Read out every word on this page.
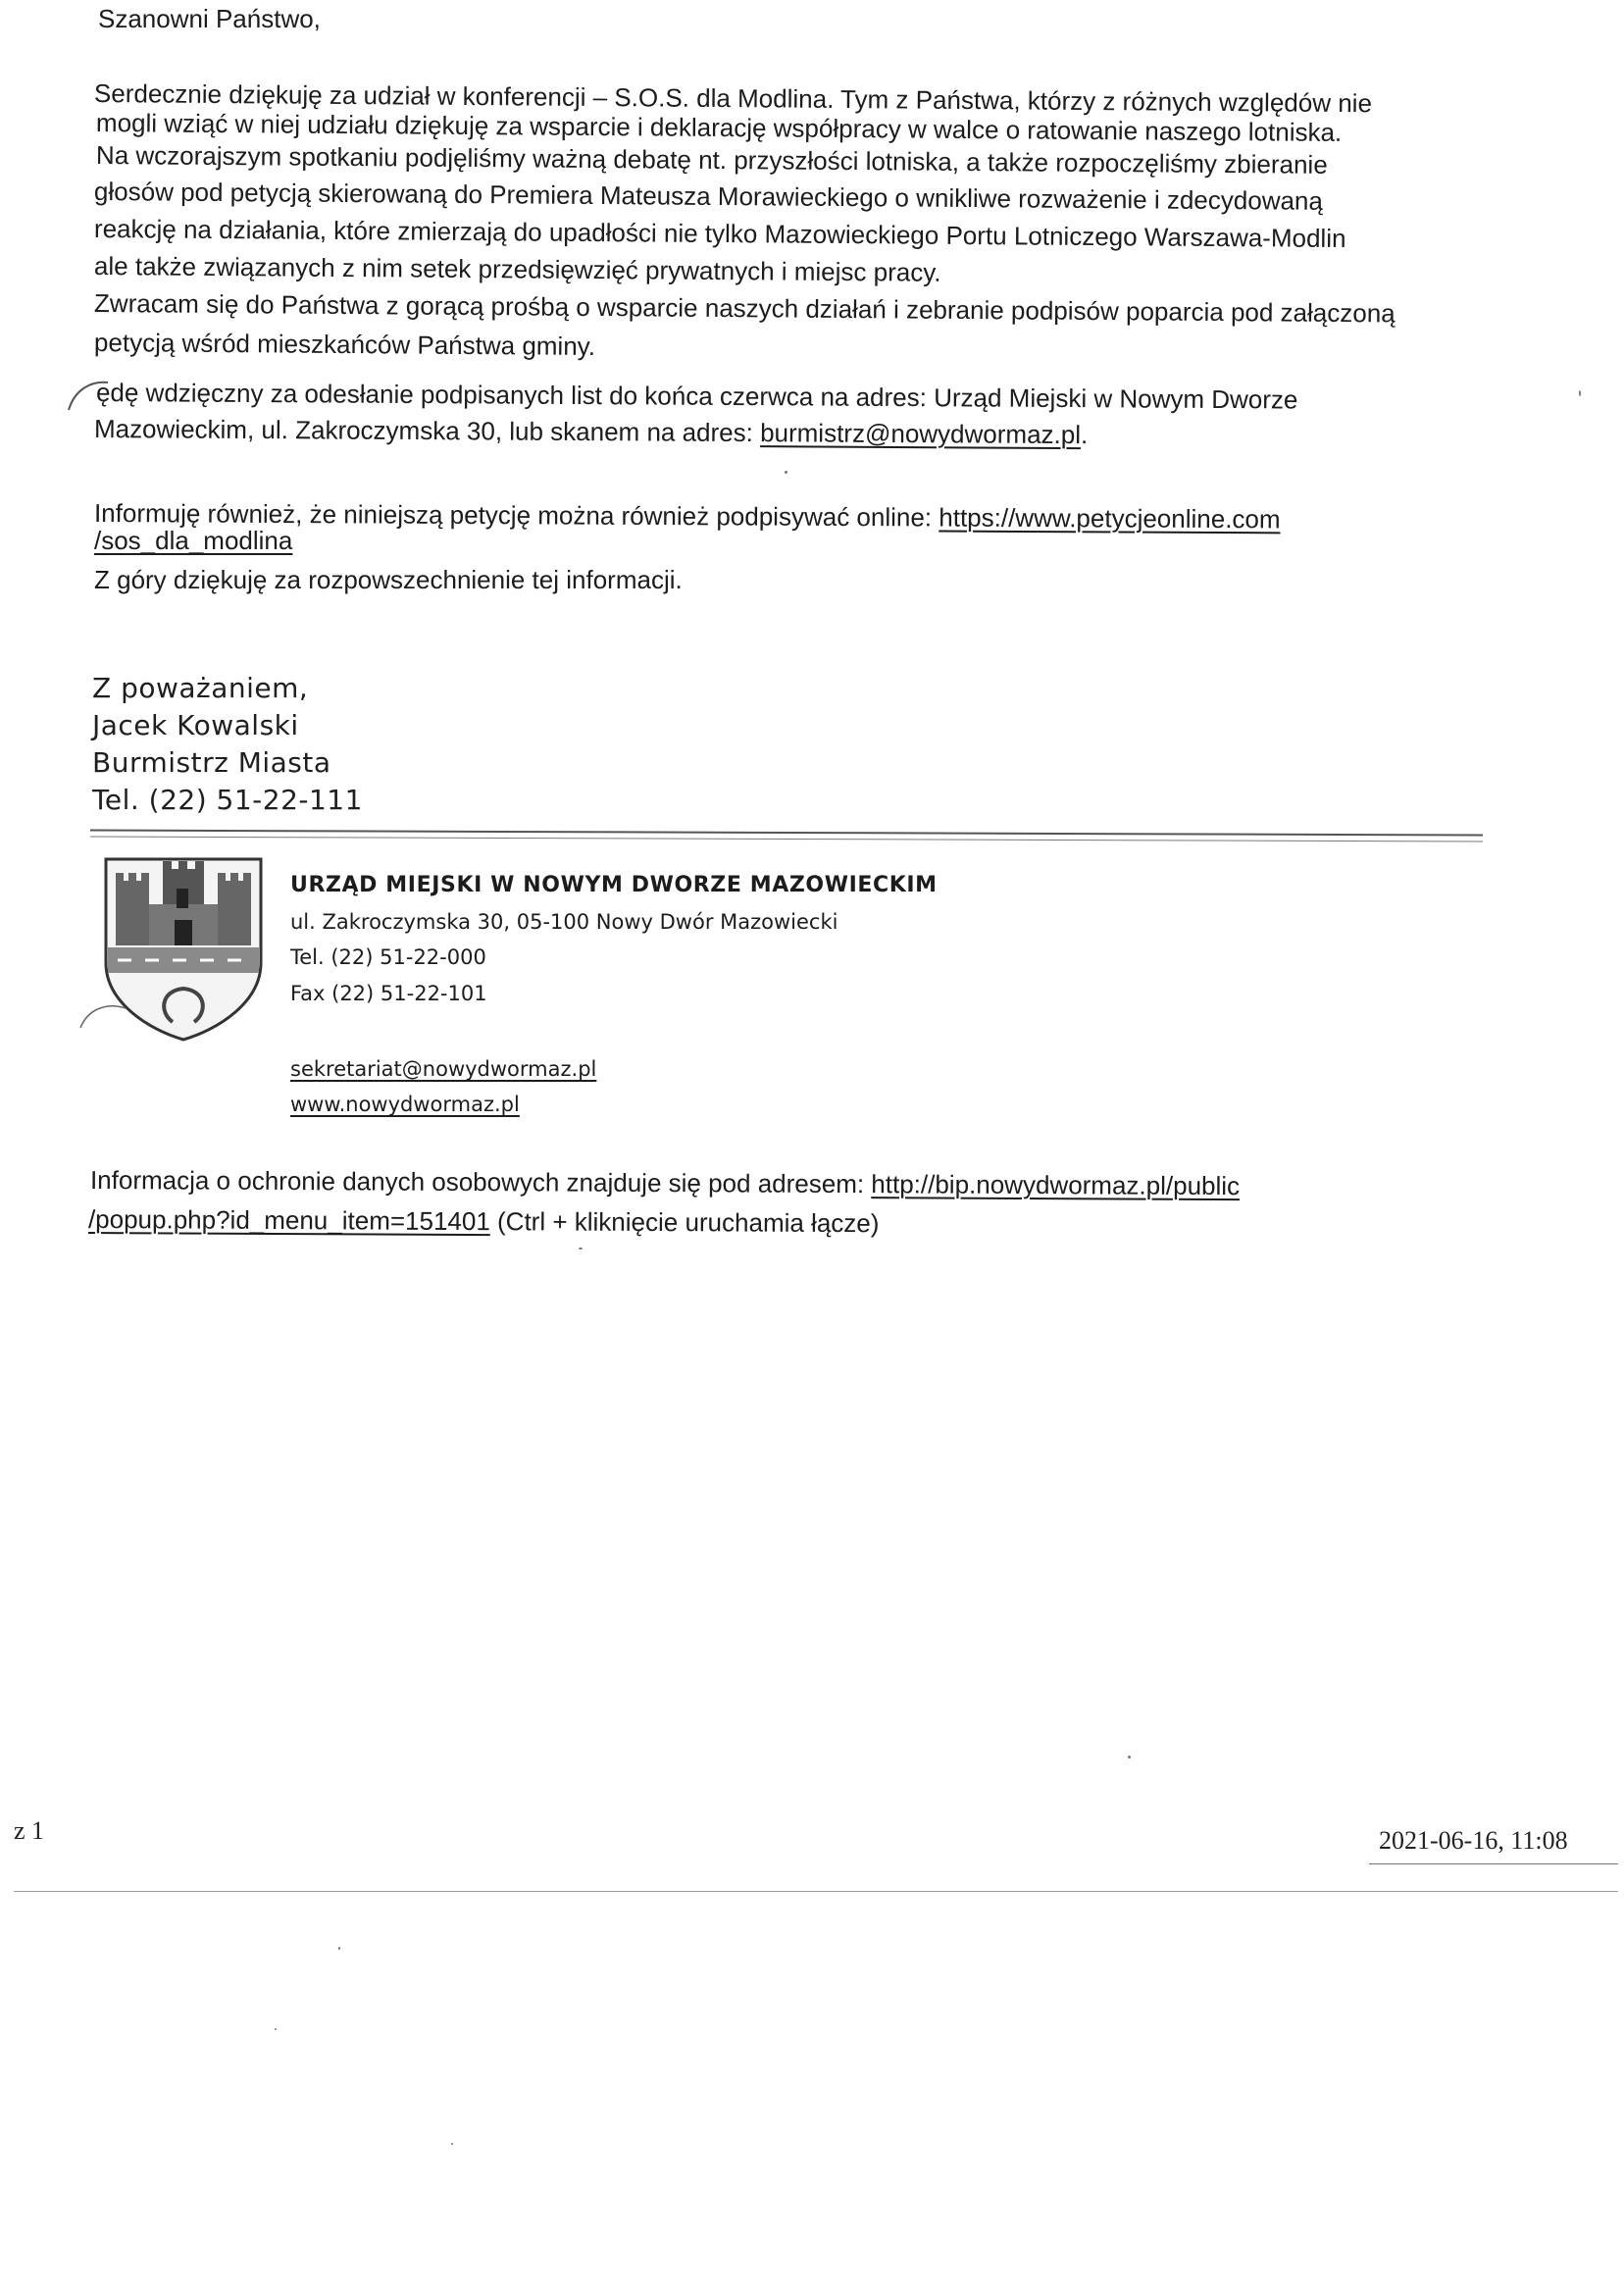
Szanowni Państwo,
Serdecznie dziękuję za udział w konferencji – S.O.S. dla Modlina. Tym z Państwa, którzy z różnych względów nie
mogli wziąć w niej udziału dziękuję za wsparcie i deklarację współpracy w walce o ratowanie naszego lotniska.
Na wczorajszym spotkaniu podjęliśmy ważną debatę nt. przyszłości lotniska, a także rozpoczęliśmy zbieranie
głosów pod petycją skierowaną do Premiera Mateusza Morawieckiego o wnikliwe rozważenie i zdecydowaną
reakcję na działania, które zmierzają do upadłości nie tylko Mazowieckiego Portu Lotniczego Warszawa-Modlin
ale także związanych z nim setek przedsięwzięć prywatnych i miejsc pracy.
Zwracam się do Państwa z gorącą prośbą o wsparcie naszych działań i zebranie podpisów poparcia pod załączoną
petycją wśród mieszkańców Państwa gminy.
ędę wdzięczny za odesłanie podpisanych list do końca czerwca na adres: Urząd Miejski w Nowym Dworze
Mazowieckim, ul. Zakroczymska 30, lub skanem na adres: burmistrz@nowydwormaz.pl.
Informuję również, że niniejszą petycję można również podpisywać online: https://www.petycjeonline.com
/sos_dla_modlina
Z góry dziękuję za rozpowszechnienie tej informacji.
Z poważaniem,
Jacek Kowalski
Burmistrz Miasta
Tel. (22) 51-22-111
URZĄD MIEJSKI W NOWYM DWORZE MAZOWIECKIM
ul. Zakroczymska 30, 05-100 Nowy Dwór Mazowiecki
Tel. (22) 51-22-000
Fax (22) 51-22-101
sekretariat@nowydwormaz.pl
www.nowydwormaz.pl
Informacja o ochronie danych osobowych znajduje się pod adresem: http://bip.nowydwormaz.pl/public
/popup.php?id_menu_item=151401 (Ctrl + kliknięcie uruchamia łącze)
z 1	2021-06-16, 11:08
